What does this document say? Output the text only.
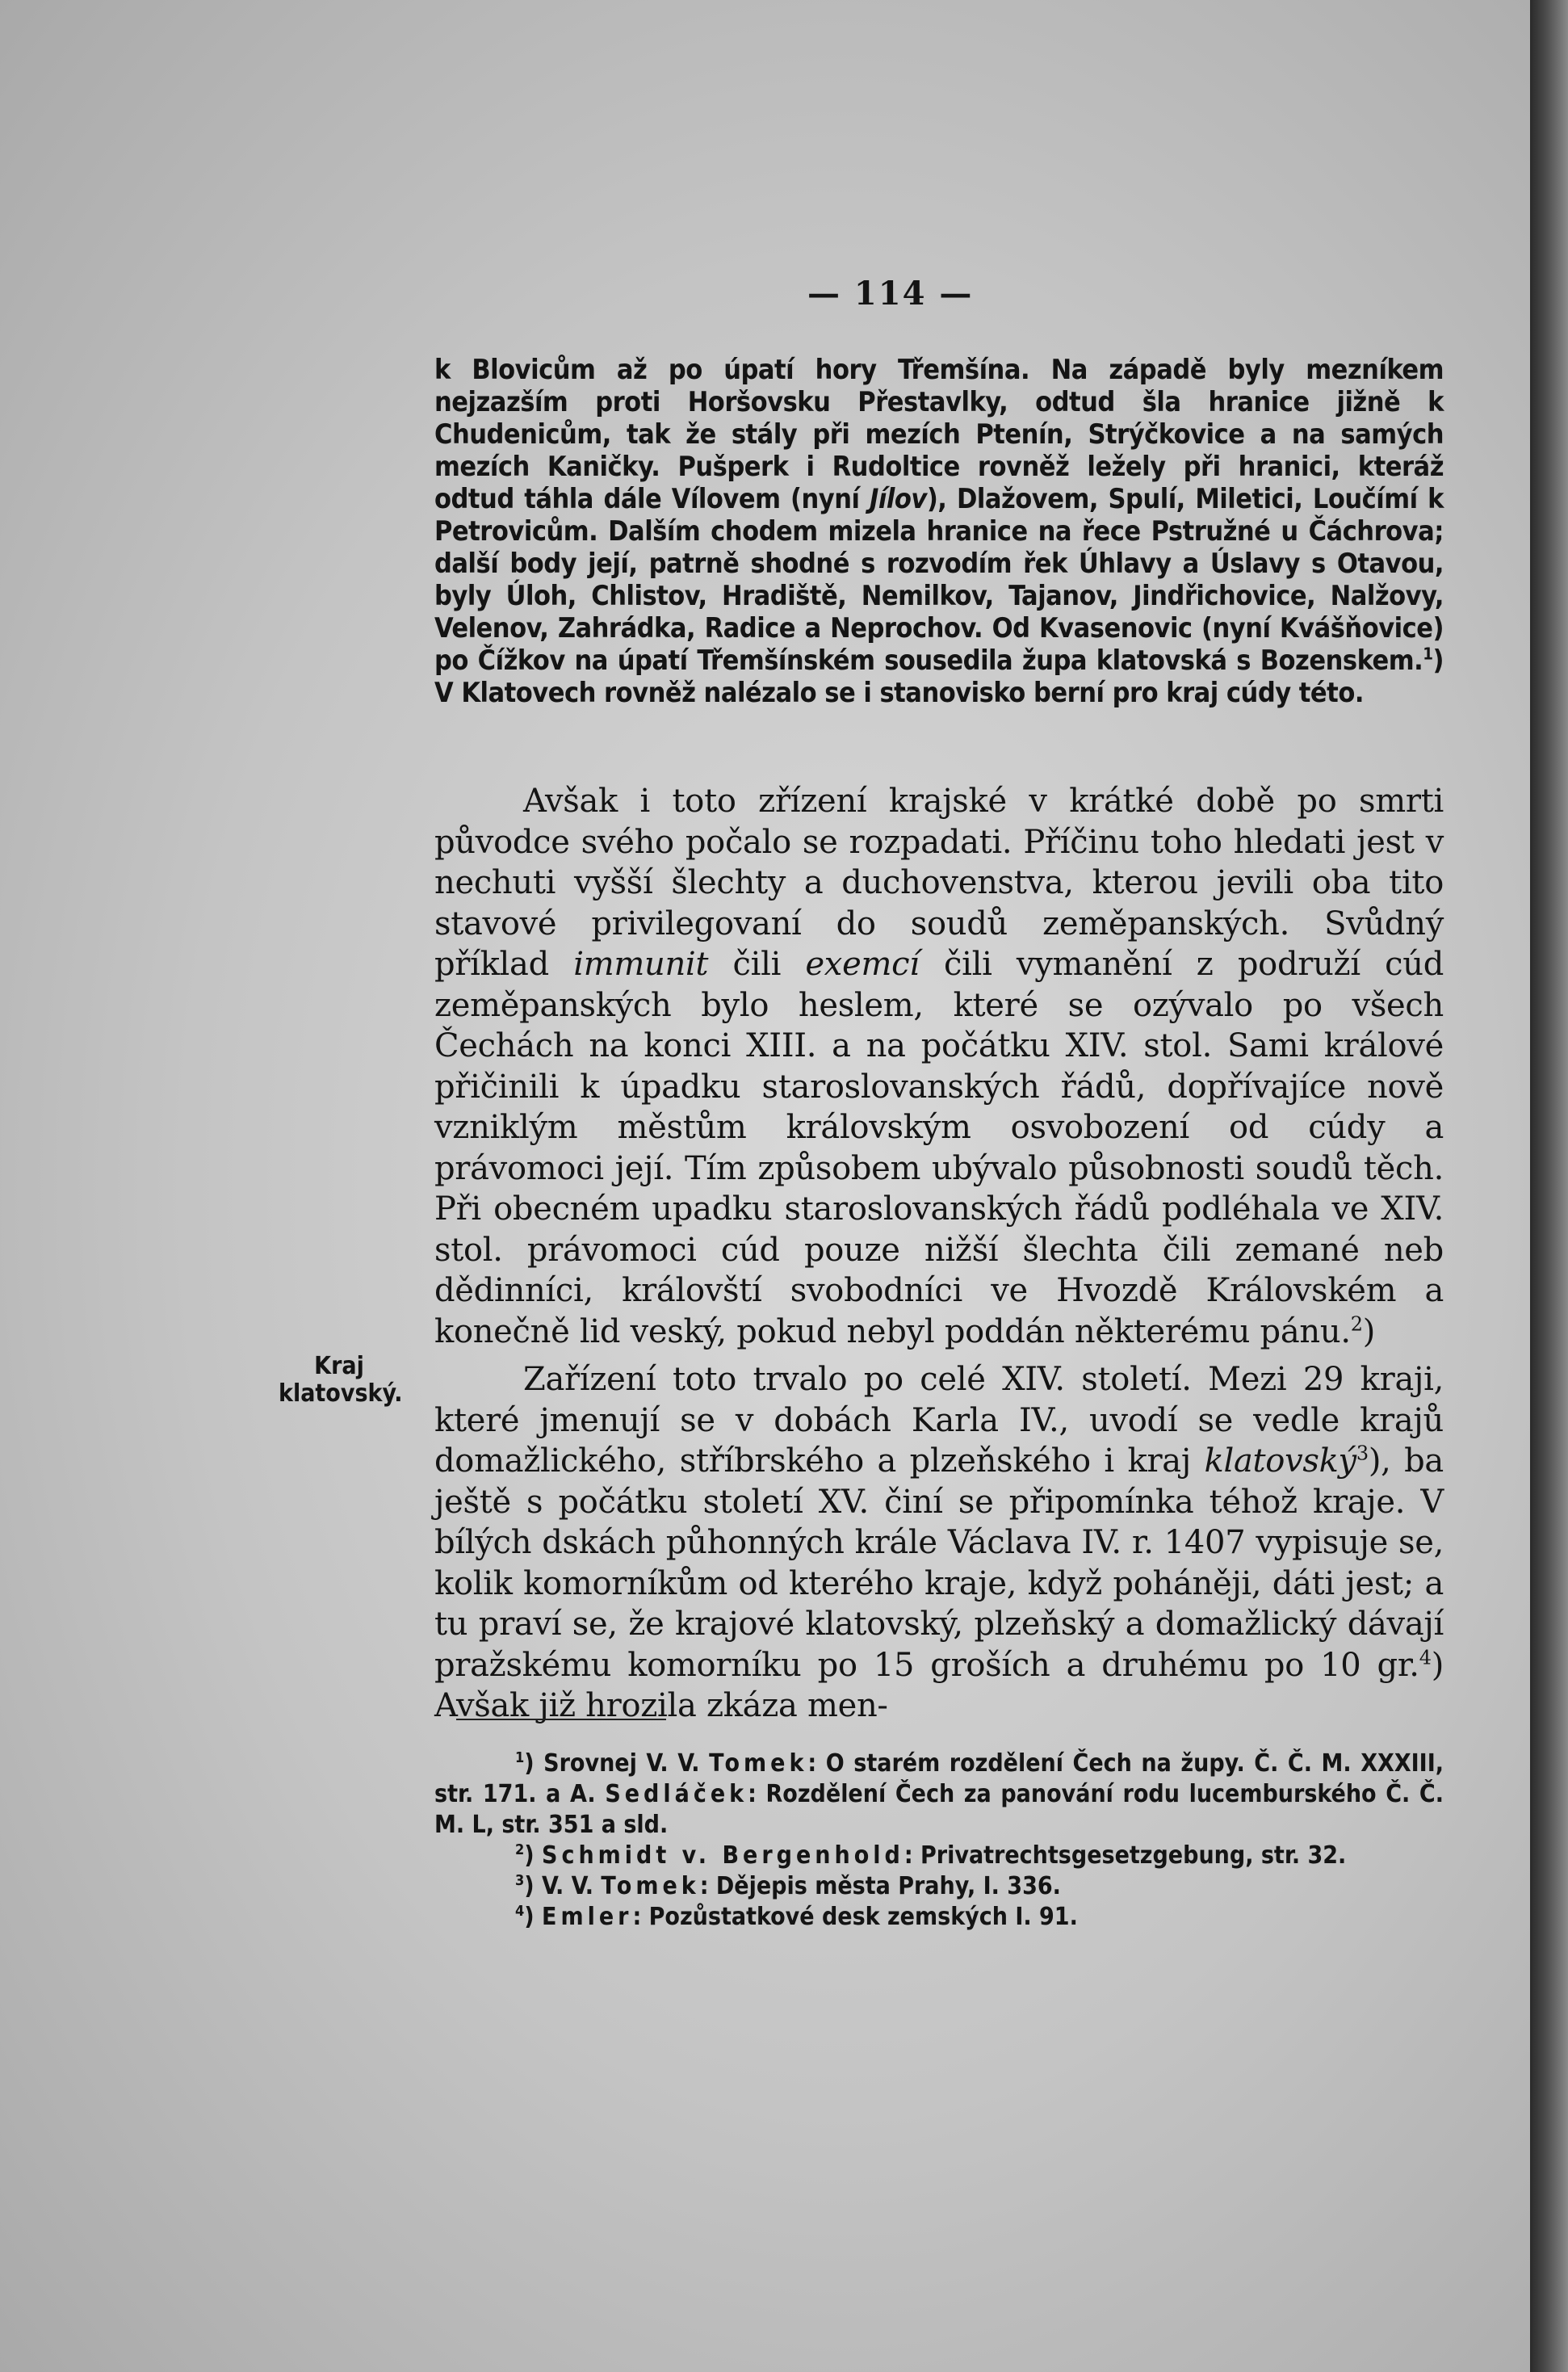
— 114 —

k Blovicům až po úpatí hory Třemšína. Na západě byly mezníkem nejzazším proti Horšovsku Přestavlky, odtud šla hranice jižně k Chudenicům, tak že stály při mezích Ptenín, Strýčkovice a na samých mezích Kaničky. Pušperk i Rudoltice rovněž ležely při hranici, kteráž odtud táhla dále Vílovem (nyní Jílov), Dlažovem, Spulí, Miletici, Loučímí k Petrovicům. Dalším chodem mizela hranice na řece Pstružné u Čáchrova; další body její, patrně shodné s rozvodím řek Úhlavy a Úslavy s Otavou, byly Úloh, Chlistov, Hradiště, Nemilkov, Tajanov, Jindřichovice, Nalžovy, Velenov, Zahrádka, Radice a Neprochov. Od Kvasenovic (nyní Kvášňovice) po Čížkov na úpatí Třemšínském sousedila župa klatovská s Bozenskem.$^1$) V Klatovech rovněž nalézalo se i stanovisko berní pro kraj cúdy této.

Avšak i toto zřízení krajské v krátké době po smrti původce svého počalo se rozpadati. Příčinu toho hledati jest v nechuti vyšší šlechty a duchovenstva, kterou jevili oba tito stavové privilegovaní do soudů zeměpanských. Svůdný příklad immunit čili exemcí čili vymanění z podruží cúd zeměpanských bylo heslem, které se ozývalo po všech Čechách na konci XIII. a na počátku XIV. stol. Sami králové přičinili k úpadku staroslovanských řádů, dopřívajíce nově vzniklým městům královským osvobození od cúdy a právomoci její. Tím způsobem ubývalo působnosti soudů těch. Při obecném upadku staroslovanských řádů podléhala ve XIV. stol. právomoci cúd pouze nižší šlechta čili zemané neb dědinníci, královští svobodníci ve Hvozdě Královském a konečně lid veský, pokud nebyl poddán některému pánu.$^2$)

Kraj
klatovský.	Zařízení toto trvalo po celé XIV. století. Mezi 29 kraji, které jmenují se v dobách Karla IV., uvodí se vedle krajů domažlického, stříbrského a plzeňského i kraj klatovský$^3$), ba ještě s počátku století XV. činí se připomínka téhož kraje. V bílých dskách půhonných krále Václava IV. r. 1407 vypisuje se, kolik komorníkům od kterého kraje, když poháněji, dáti jest; a tu praví se, že krajové klatovský, plzeňský a domažlický dávají pražskému komorníku po 15 groších a druhému po 10 gr.$^4$) Avšak již hrozila zkáza men-

$^1$) Srovnej V. V. Tomek: O starém rozdělení Čech na župy. Č. Č. M. XXXIII, str. 171. a A. Sedláček: Rozdělení Čech za panování rodu lucemburského Č. Č. M. L, str. 351 a sld.

$^2$) Schmidt v. Bergenhold: Privatrechtsgesetzgebung, str. 32.

$^3$) V. V. Tomek: Dějepis města Prahy, I. 336.

$^4$) Emler: Pozůstatkové desk zemských I. 91.
